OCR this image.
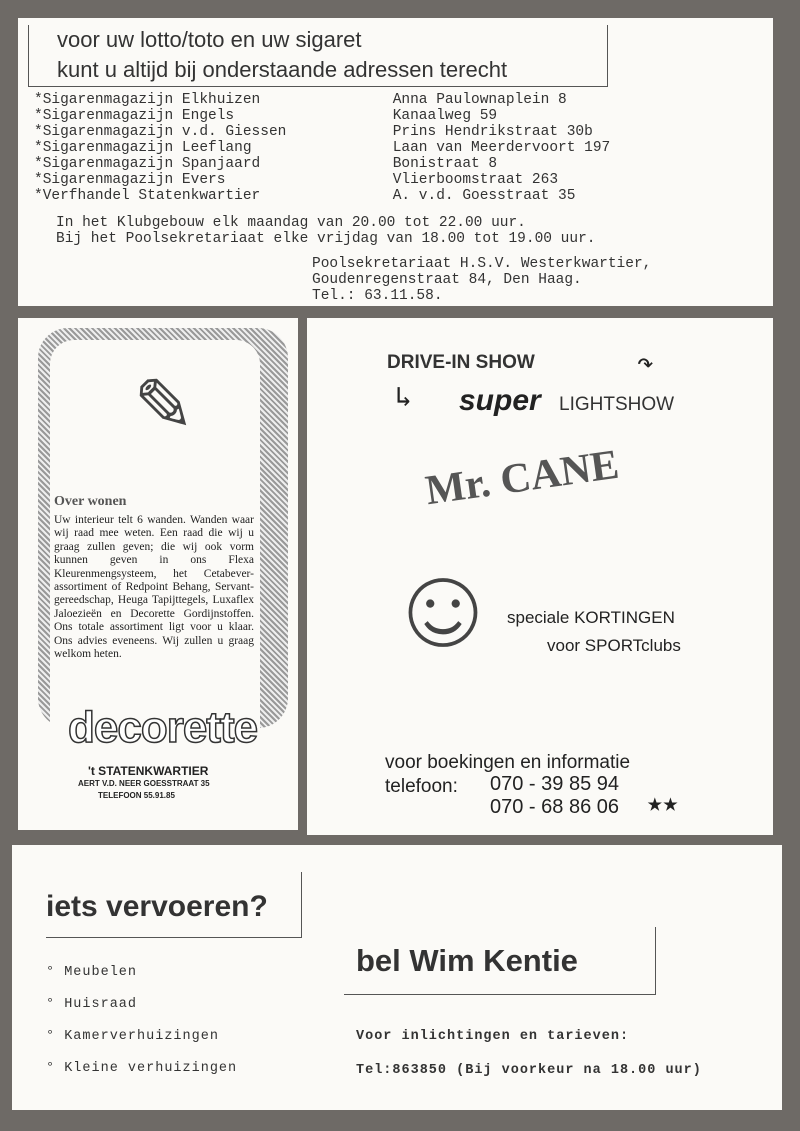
voor uw lotto/toto en uw sigaret
kunt u altijd bij onderstaande adressen terecht
* Sigarenmagazijn Elkhuizen	Anna Paulownaplein 8
* Sigarenmagazijn Engels	Kanaalweg 59
* Sigarenmagazijn v.d. Giessen	Prins Hendrikstraat 30b
* Sigarenmagazijn Leeflang	Laan van Meerdervoort 197
* Sigarenmagazijn Spanjaard	Bonistraat 8
* Sigarenmagazijn Evers	Vlierboomstraat 263
* Verfhandel Statenkwartier	A. v.d. Goesstraat 35
In het Klubgebouw elk maandag van 20.00 tot 22.00 uur.
Bij het Poolsekretariaat elke vrijdag van 18.00 tot 19.00 uur.
Poolsekretariaat H.S.V. Westerkwartier,
Goudenregenstraat 84, Den Haag.
Tel.: 63.11.58.
✎
Over wonen
Uw interieur telt 6 wanden. Wanden waar wij raad mee weten. Een raad die wij u graag zullen geven; die wij ook vorm kunnen geven in ons Flexa Kleurenmengsysteem, het Cetabever-assortiment of Redpoint Behang, Servant-gereedschap, Heuga Tapijttegels, Luxaflex Jaloezieën en Decorette Gordijnstoffen. Ons totale assortiment ligt voor u klaar. Ons advies eveneens. Wij zullen u graag welkom heten.
decorette
't STATENKWARTIER
AERT V.D. NEER GOESSTRAAT 35
TELEFOON 55.91.85
DRIVE-IN SHOW	↷
↳ super LIGHTSHOW
Mr. CANE
☺ speciale KORTINGEN
voor SPORTclubs
voor boekingen en informatie
telefoon: 070 - 39 85 94
070 - 68 86 06 ★★
iets vervoeren?
° Meubelen
° Huisraad
° Kamerverhuizingen
° Kleine verhuizingen
bel Wim Kentie
Voor inlichtingen en tarieven:
Tel:863850 (Bij voorkeur na 18.00 uur)
